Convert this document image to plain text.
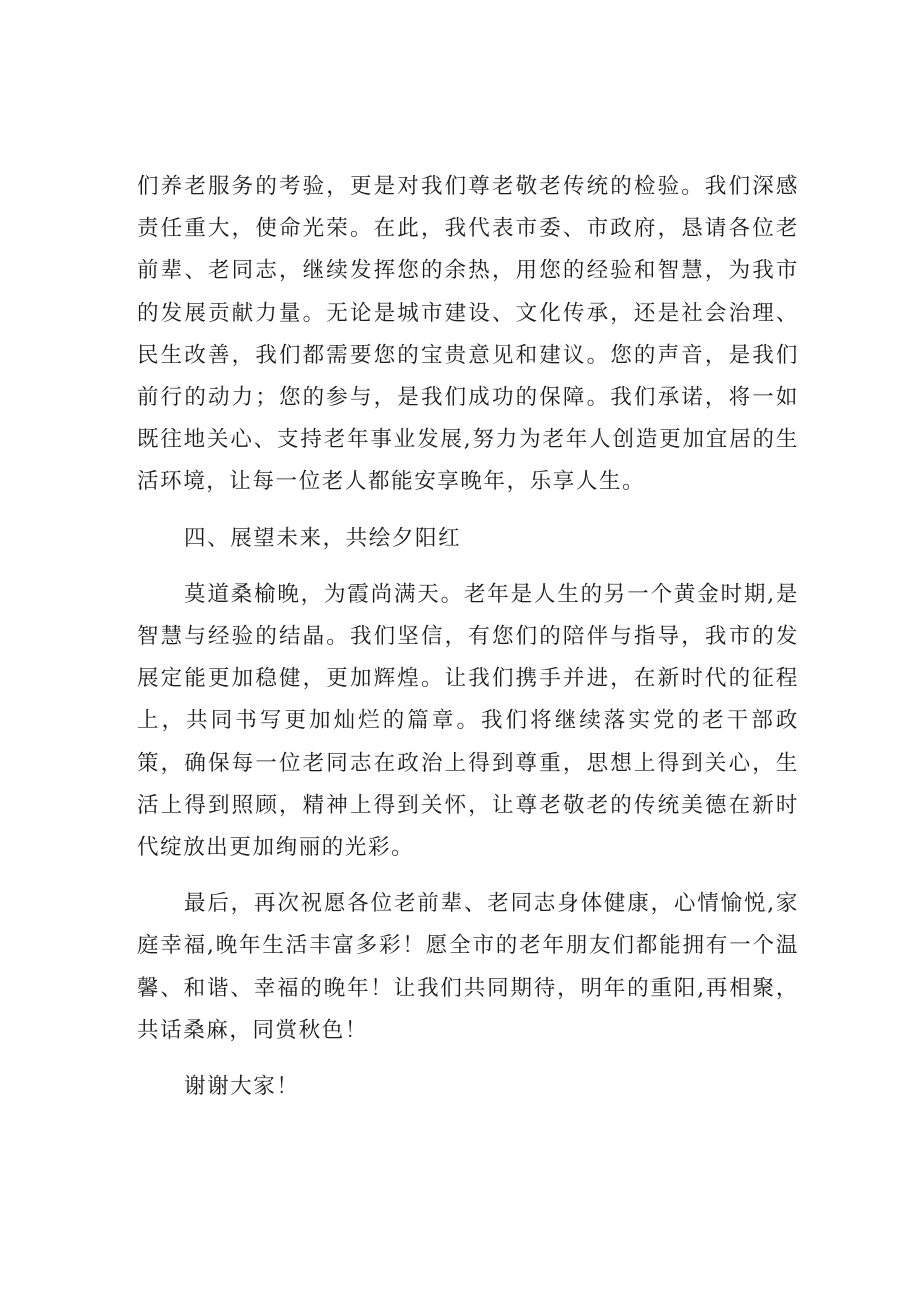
们养老服务的考验，更是对我们尊老敬老传统的检验。我们深感责任重大，使命光荣。在此，我代表市委、市政府，恳请各位老前辈、老同志，继续发挥您的余热，用您的经验和智慧，为我市的发展贡献力量。无论是城市建设、文化传承，还是社会治理、民生改善，我们都需要您的宝贵意见和建议。您的声音，是我们前行的动力；您的参与，是我们成功的保障。我们承诺，将一如既往地关心、支持老年事业发展,努力为老年人创造更加宜居的生活环境，让每一位老人都能安享晚年，乐享人生。

四、展望未来，共绘夕阳红

莫道桑榆晚，为霞尚满天。老年是人生的另一个黄金时期,是智慧与经验的结晶。我们坚信，有您们的陪伴与指导，我市的发展定能更加稳健，更加辉煌。让我们携手并进，在新时代的征程上，共同书写更加灿烂的篇章。我们将继续落实党的老干部政策，确保每一位老同志在政治上得到尊重，思想上得到关心，生活上得到照顾，精神上得到关怀，让尊老敬老的传统美德在新时代绽放出更加绚丽的光彩。

最后，再次祝愿各位老前辈、老同志身体健康，心情愉悦,家庭幸福,晚年生活丰富多彩！愿全市的老年朋友们都能拥有一个温馨、和谐、幸福的晚年！让我们共同期待，明年的重阳,再相聚，共话桑麻，同赏秋色！

谢谢大家！
